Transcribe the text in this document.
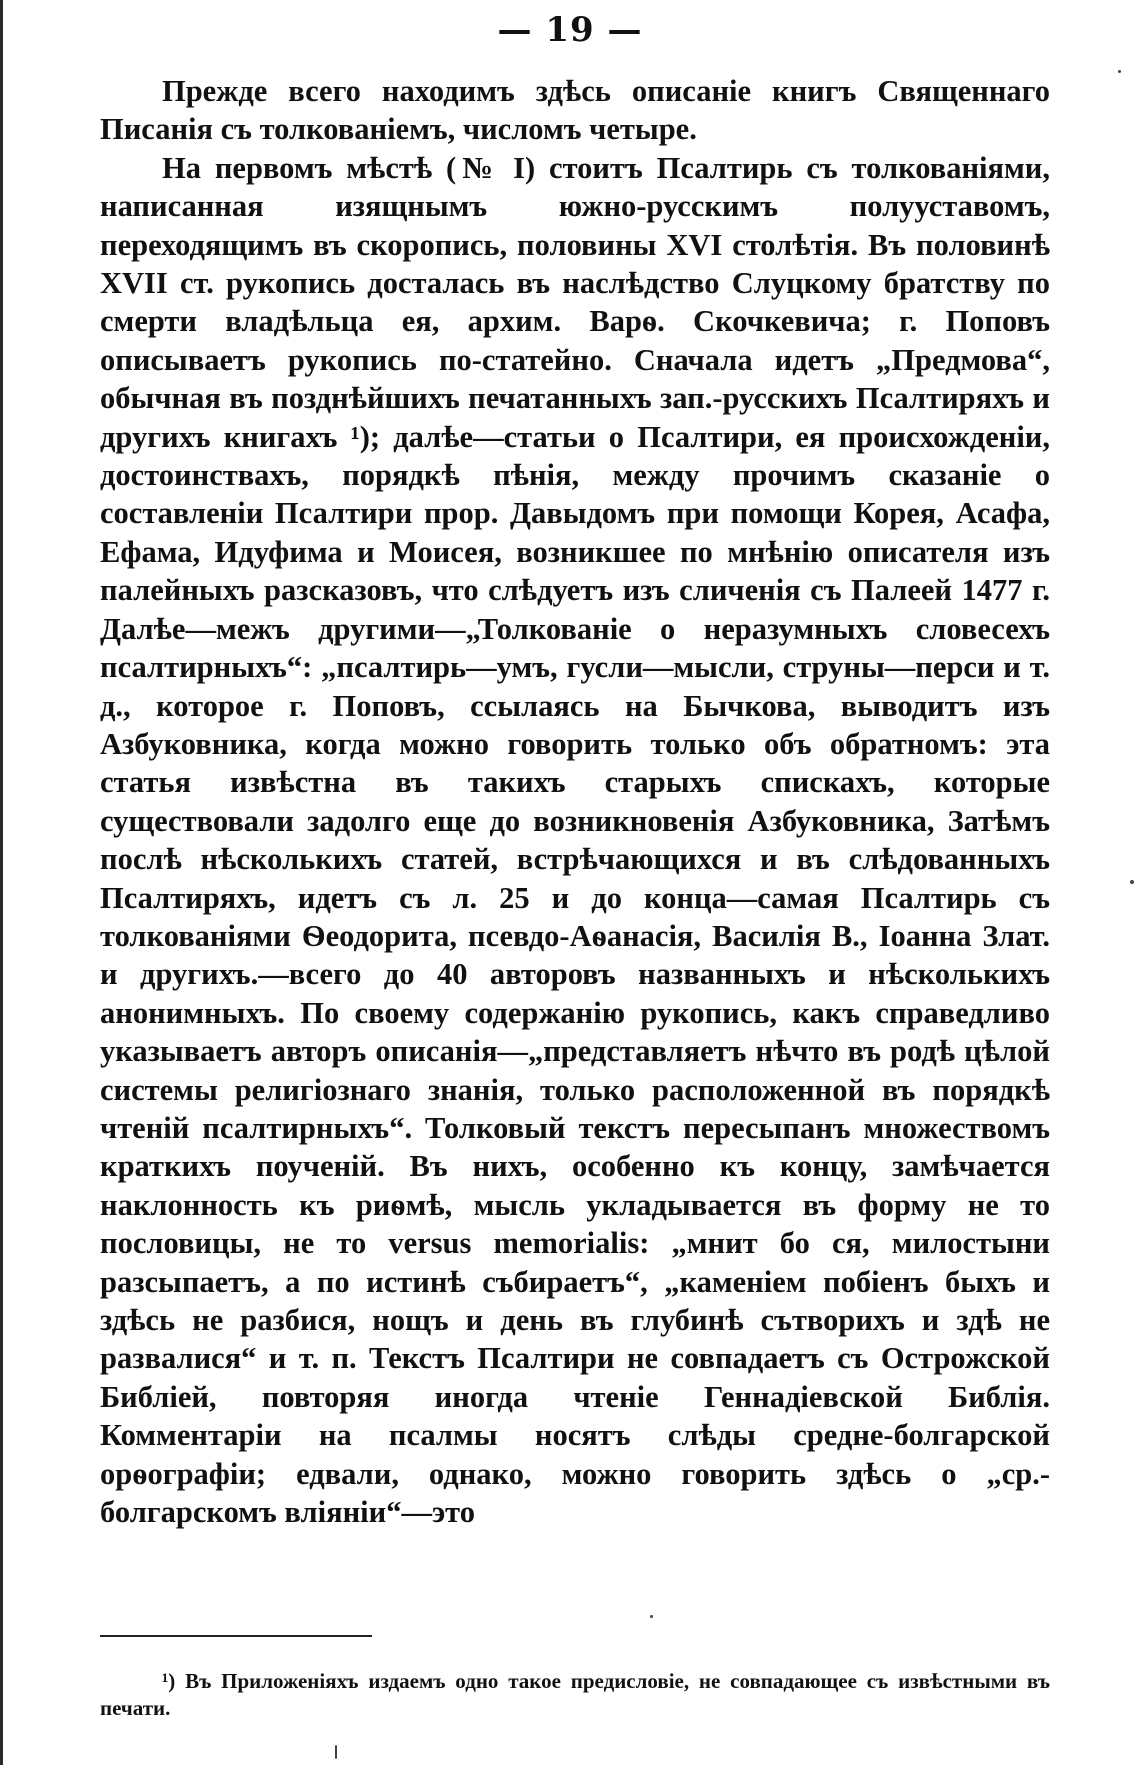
— 19 —

Прежде всего находимъ здѣсь описаніе книгъ Священнаго Писанія съ толкованіемъ, числомъ четыре.

На первомъ мѣстѣ (№ I) стоитъ Псалтирь съ толкованіями, написанная изящнымъ южно-русскимъ полууставомъ, переходящимъ въ скоропись, половины XVI столѣтія. Въ половинѣ XVII ст. рукопись досталась въ наслѣдство Слуцкому братству по смерти владѣльца ея, архим. Варѳ. Скочкевича; г. Поповъ описываетъ рукопись по-статейно. Сначала идетъ „Предмова“, обычная въ позднѣйшихъ печатанныхъ зап.-русскихъ Псалтиряхъ и другихъ книгахъ ¹); далѣе—статьи о Псалтири, ея происхожденіи, достоинствахъ, порядкѣ пѣнія, между прочимъ сказаніе о составленіи Псалтири прор. Давыдомъ при помощи Корея, Асафа, Ефама, Идуфима и Моисея, возникшее по мнѣнію описателя изъ палейныхъ разсказовъ, что слѣдуетъ изъ сличенія съ Палеей 1477 г. Далѣе—межъ другими—„Толкованіе о неразумныхъ словесехъ псалтирныхъ“: „псалтирь—умъ, гусли—мысли, струны—перси и т. д., которое г. Поповъ, ссылаясь на Бычкова, выводитъ изъ Азбуковника, когда можно говорить только объ обратномъ: эта статья извѣстна въ такихъ старыхъ спискахъ, которые существовали задолго еще до возникновенія Азбуковника, Затѣмъ послѣ нѣсколькихъ статей, встрѣчающихся и въ слѣдованныхъ Псалтиряхъ, идетъ съ л. 25 и до конца—самая Псалтирь съ толкованіями Ѳеодорита, псевдо-Аѳанасія, Василія В., Іоанна Злат. и другихъ.—всего до 40 авторовъ названныхъ и нѣсколькихъ анонимныхъ. По своему содержанію рукопись, какъ справедливо указываетъ авторъ описанія—„представляетъ нѣчто въ родѣ цѣлой системы религіознаго знанія, только расположенной въ порядкѣ чтеній псалтирныхъ“. Толковый текстъ пересыпанъ множествомъ краткихъ поученій. Въ нихъ, особенно къ концу, замѣчается наклонность къ риѳмѣ, мысль укладывается въ форму не то пословицы, не то versus memorialis: „мнит бо ся, милостыни разсыпаетъ, а по истинѣ събираетъ“, „каменіем побіенъ быхъ и здѣсь не разбися, нощъ и день въ глубинѣ сътворихъ и здѣ не развалися“ и т. п. Текстъ Псалтири не совпадаетъ съ Острожской Библіей, повторяя иногда чтеніе Геннадіевской Библія. Комментаріи на псалмы носятъ слѣды средне-болгарской орѳографіи; едвали, однако, можно говорить здѣсь о „ср.-болгарскомъ вліяніи“—это

¹) Въ Приложеніяхъ издаемъ одно такое предисловіе, не совпадающее съ извѣстными въ печати.
